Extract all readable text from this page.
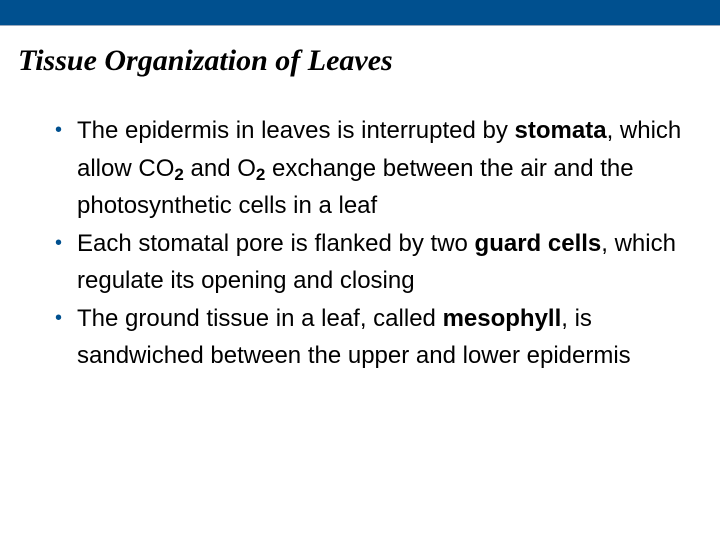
Tissue Organization of Leaves
• The epidermis in leaves is interrupted by stomata, which allow $CO_2$ and $O_2$ exchange between the air and the photosynthetic cells in a leaf
• Each stomatal pore is flanked by two guard cells, which regulate its opening and closing
• The ground tissue in a leaf, called mesophyll, is sandwiched between the upper and lower epidermis
